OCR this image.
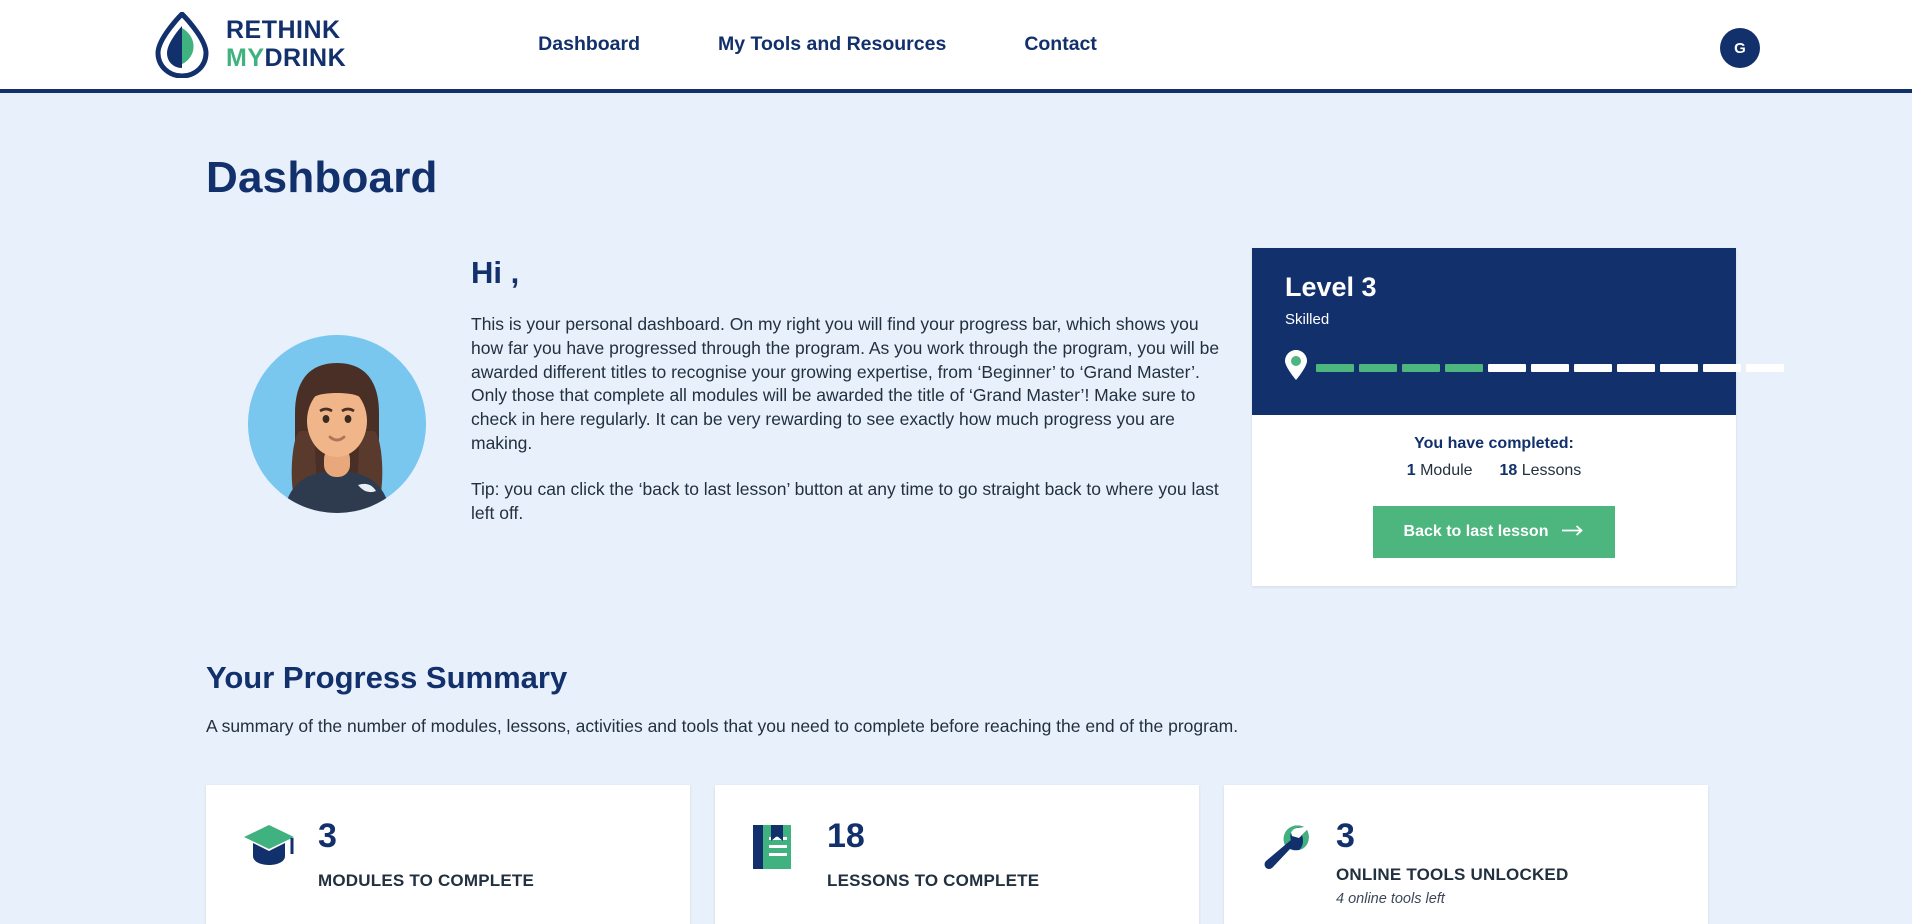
RETHINK
MYDRINK	Dashboard	My Tools and Resources	Contact	G
Dashboard

Hi ,

This is your personal dashboard. On my right you will find your progress bar, which shows you how far you have progressed through the program. As you work through the program, you will be awarded different titles to recognise your growing expertise, from ‘Beginner’ to ‘Grand Master’. Only those that complete all modules will be awarded the title of ‘Grand Master’! Make sure to check in here regularly. It can be very rewarding to see exactly how much progress you are making.

Tip: you can click the ‘back to last lesson’ button at any time to go straight back to where you last left off.

Level 3

Skilled

You have completed:

1 Module 18 Lessons

Back to last lesson
Your Progress Summary

A summary of the number of modules, lessons, activities and tools that you need to complete before reaching the end of the program.

3

MODULES TO COMPLETE

18

LESSONS TO COMPLETE

3

ONLINE TOOLS UNLOCKED

4 online tools left
